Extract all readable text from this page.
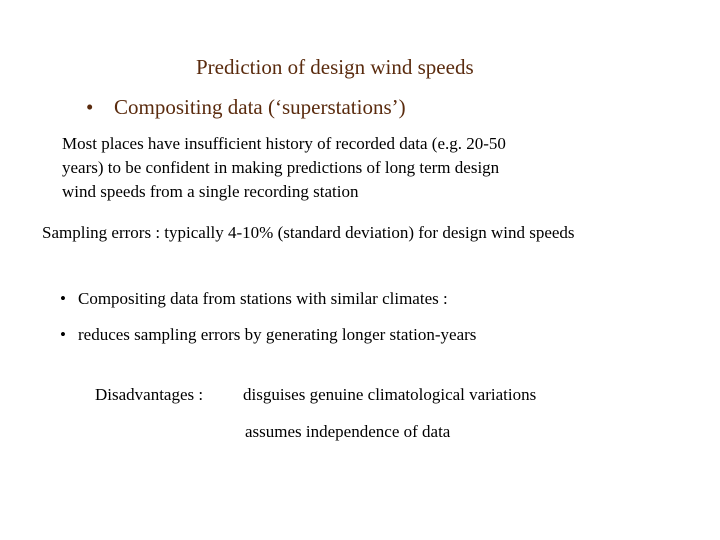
Prediction of design wind speeds
• Compositing data (‘superstations’)

Most places have insufficient history of recorded data (e.g. 20-50
years) to be confident in making predictions of long term design
wind speeds from a single recording station

Sampling errors : typically 4-10% (standard deviation) for design wind speeds

• Compositing data from stations with similar climates :
• reduces sampling errors by generating longer station-years

Disadvantages : disguises genuine climatological variations

assumes independence of data
